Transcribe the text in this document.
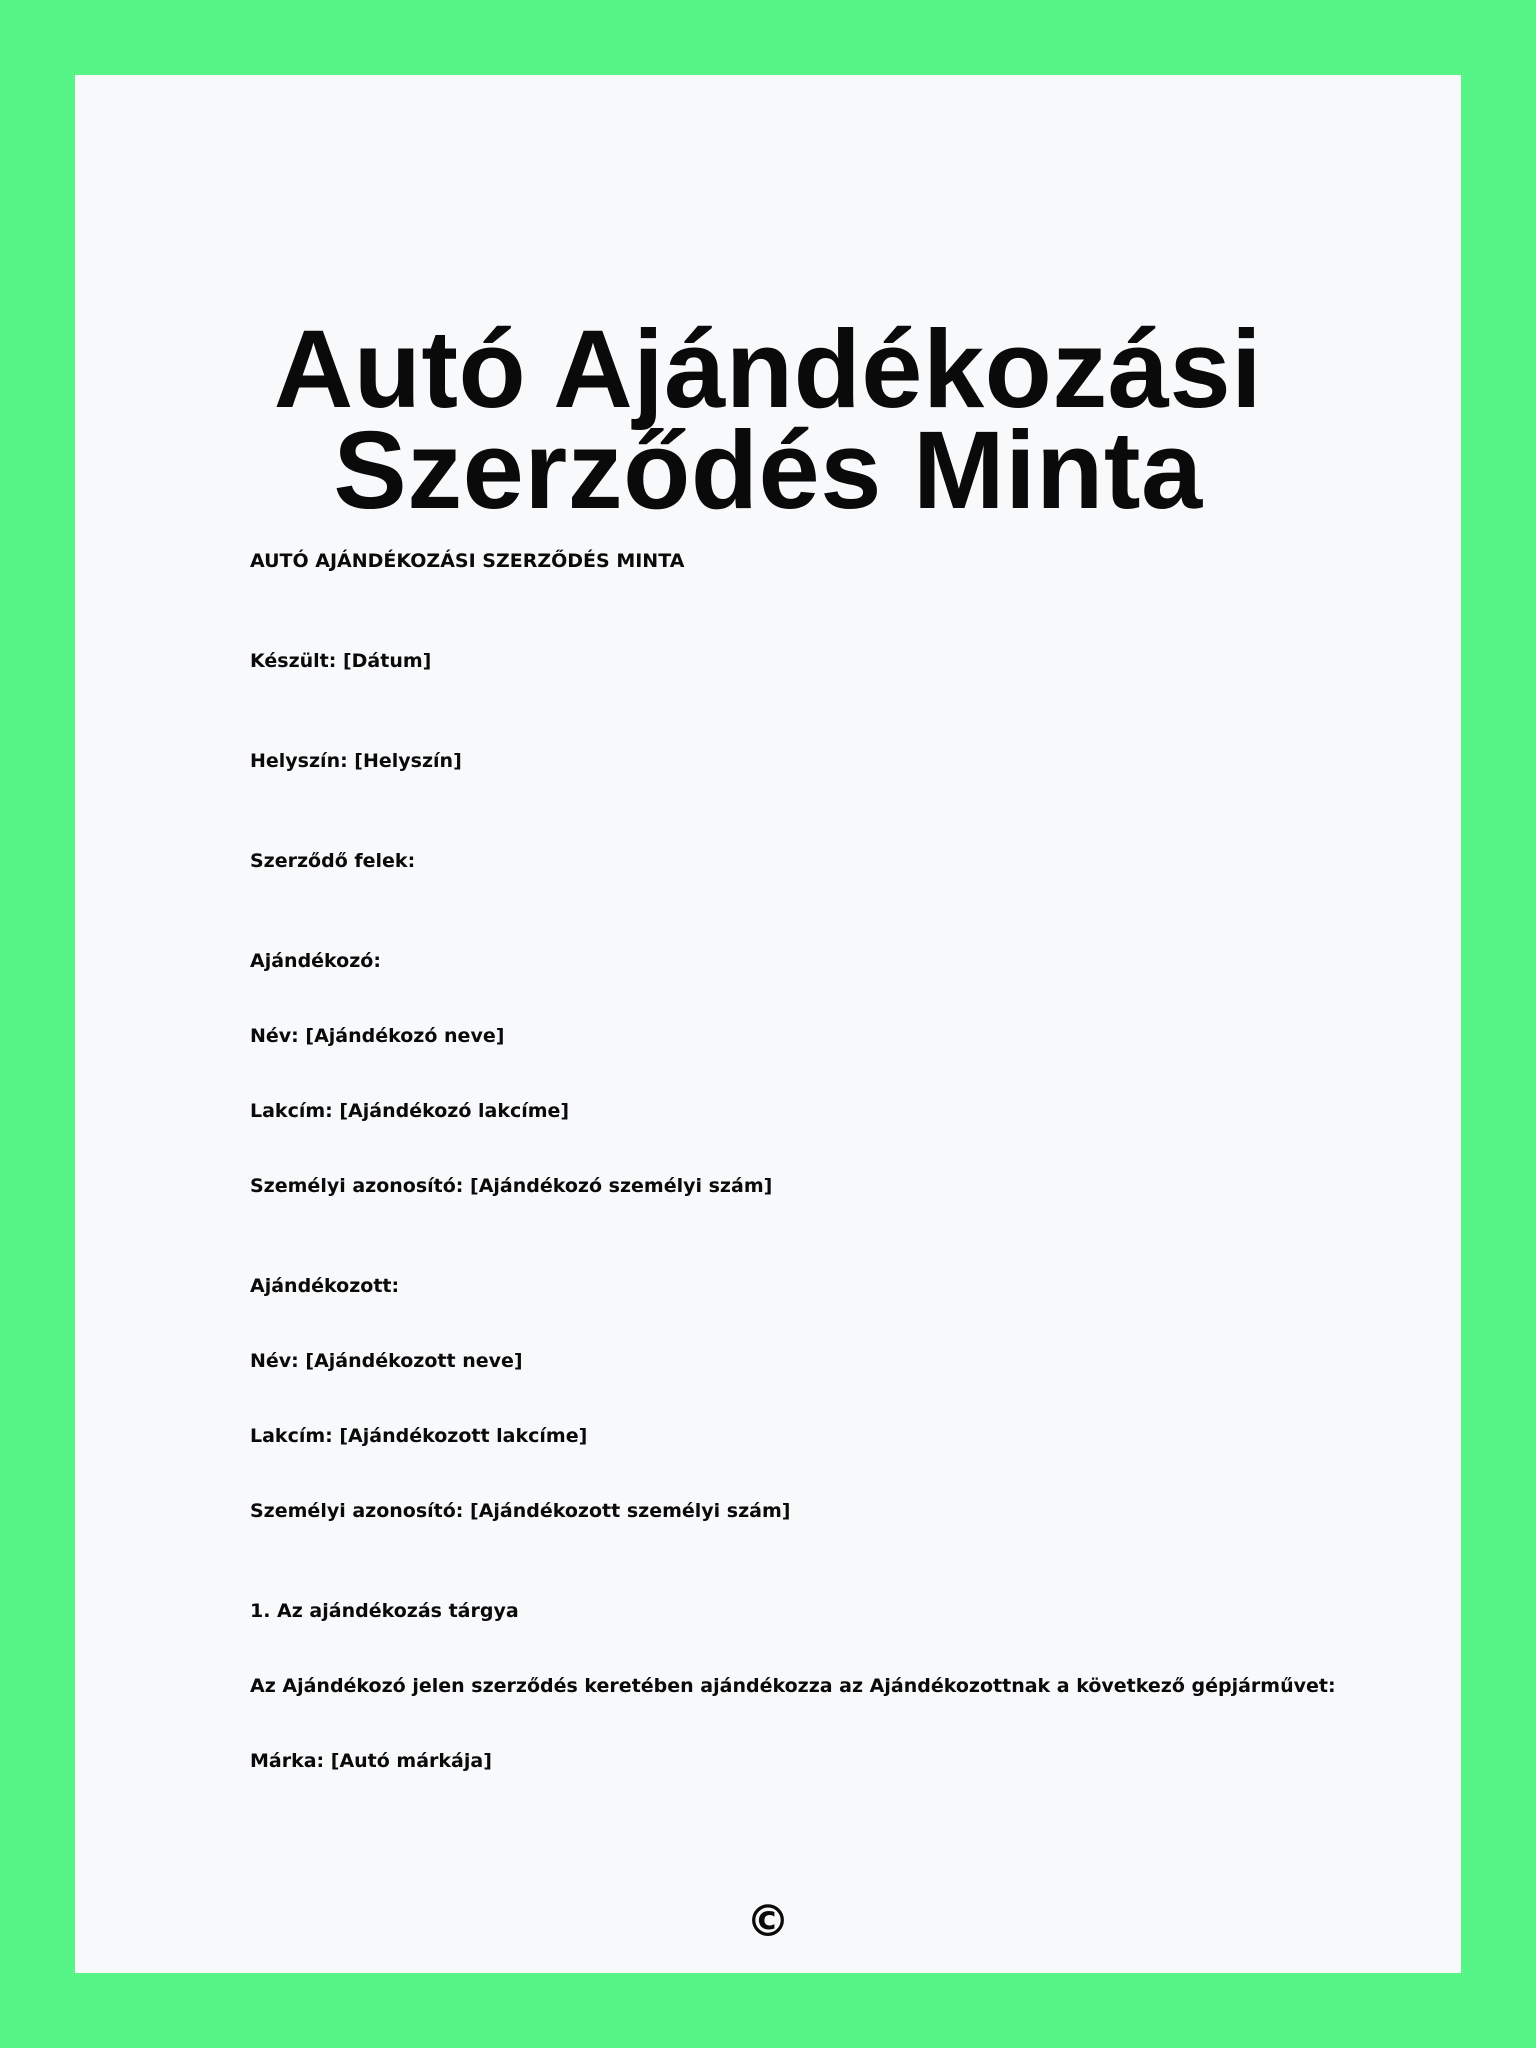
Autó Ajándékozási
Szerződés Minta

AUTÓ AJÁNDÉKOZÁSI SZERZŐDÉS MINTA

Készült: [Dátum]

Helyszín: [Helyszín]

Szerződő felek:

Ajándékozó:

Név: [Ajándékozó neve]

Lakcím: [Ajándékozó lakcíme]

Személyi azonosító: [Ajándékozó személyi szám]

Ajándékozott:

Név: [Ajándékozott neve]

Lakcím: [Ajándékozott lakcíme]

Személyi azonosító: [Ajándékozott személyi szám]

1. Az ajándékozás tárgya

Az Ajándékozó jelen szerződés keretében ajándékozza az Ajándékozottnak a következő gépjárművet:

Márka: [Autó márkája]

©
